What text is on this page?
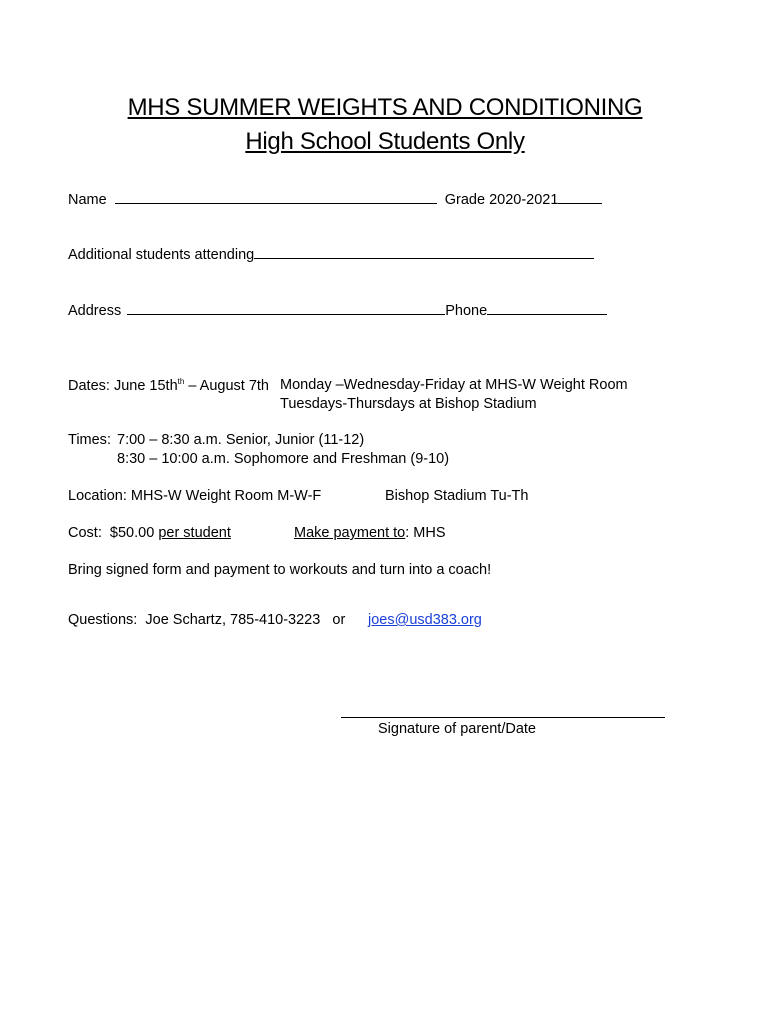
MHS SUMMER WEIGHTS AND CONDITIONING
High School Students Only
Name	Grade 2020-2021
Additional students attending
Address	Phone
Dates: June $15th^{th}$ – August 7th Monday –Wednesday-Friday at MHS-W Weight Room
Tuesdays-Thursdays at Bishop Stadium
Times: 7:00 – 8:30 a.m. Senior, Junior (11-12)
8:30 – 10:00 a.m. Sophomore and Freshman (9-10)
Location: MHS-W Weight Room M-W-F	Bishop Stadium Tu-Th
Cost:  $50.00 per student	Make payment to: MHS
Bring signed form and payment to workouts and turn into a coach!
Questions: Joe Schartz, 785-410-3223 or joes@usd383.org
Signature of parent/Date
